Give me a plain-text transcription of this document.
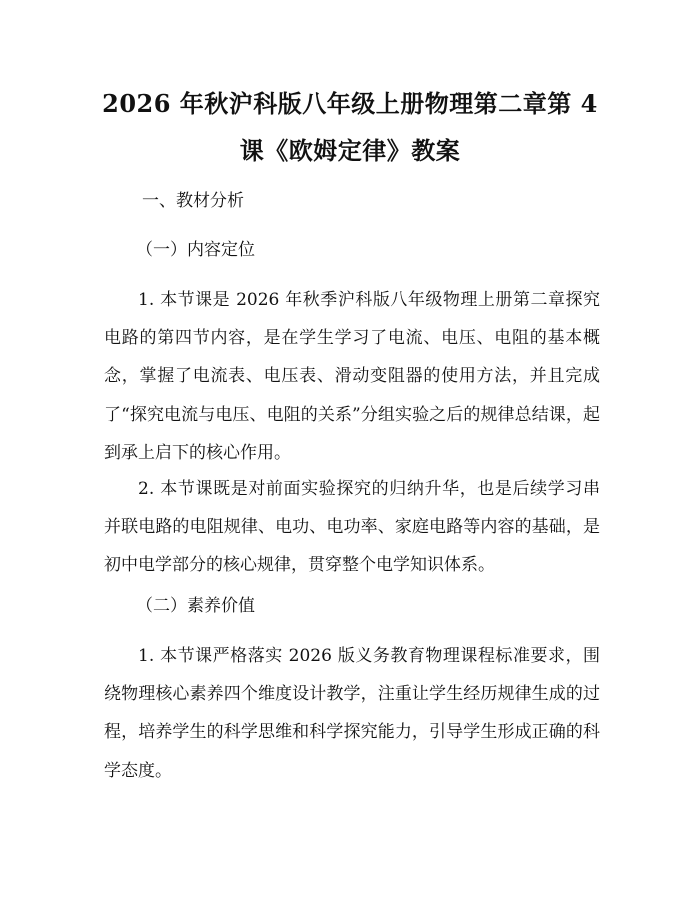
2026 年秋沪科版八年级上册物理第二章第 4
课《欧姆定律》教案
一、教材分析
（一）内容定位
1. 本节课是 2026 年秋季沪科版八年级物理上册第二章探究电路的第四节内容，是在学生学习了电流、电压、电阻的基本概念，掌握了电流表、电压表、滑动变阻器的使用方法，并且完成了“探究电流与电压、电阻的关系”分组实验之后的规律总结课，起到承上启下的核心作用。
2. 本节课既是对前面实验探究的归纳升华，也是后续学习串并联电路的电阻规律、电功、电功率、家庭电路等内容的基础，是初中电学部分的核心规律，贯穿整个电学知识体系。
（二）素养价值
1. 本节课严格落实 2026 版义务教育物理课程标准要求，围绕物理核心素养四个维度设计教学，注重让学生经历规律生成的过程，培养学生的科学思维和科学探究能力，引导学生形成正确的科学态度。
